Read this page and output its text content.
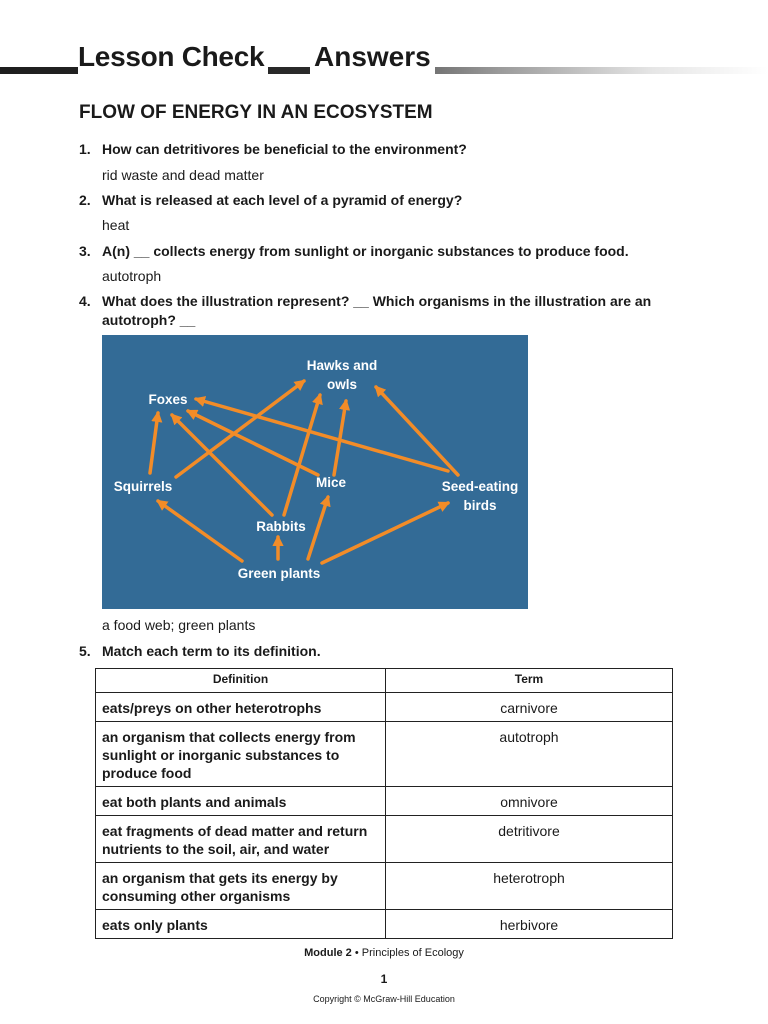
Lesson Check Answers
FLOW OF ENERGY IN AN ECOSYSTEM
1. How can detritivores be beneficial to the environment?
rid waste and dead matter
2. What is released at each level of a pyramid of energy?
heat
3. A(n) __ collects energy from sunlight or inorganic substances to produce food.
autotroph
4. What does the illustration represent? __ Which organisms in the illustration are an autotroph? __
Hawks and
owls
Foxes
Squirrels	Mice	Seed-eating
birds
Rabbits
Green plants
a food web; green plants
5. Match each term to its definition.
Definition	Term
eats/preys on other heterotrophs	carnivore
an organism that collects energy from sunlight or inorganic substances to produce food	autotroph
eat both plants and animals	omnivore
eat fragments of dead matter and return nutrients to the soil, air, and water	detritivore
an organism that gets its energy by consuming other organisms	heterotroph
eats only plants	herbivore
Module 2 • Principles of Ecology
1
Copyright © McGraw-Hill Education
